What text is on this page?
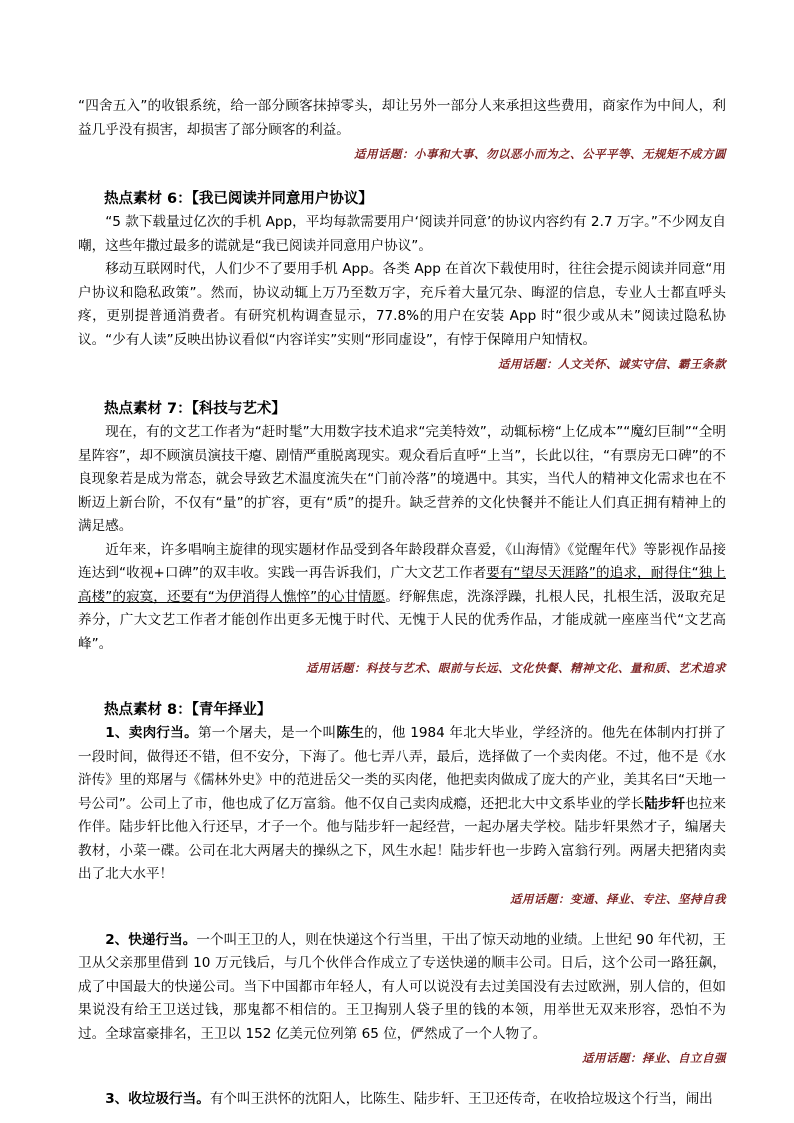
“四舍五入”的收银系统，给一部分顾客抹掉零头，却让另外一部分人来承担这些费用，商家作为中间人，利益几乎没有损害，却损害了部分顾客的利益。

适用话题：小事和大事、勿以恶小而为之、公平平等、无规矩不成方圆

热点素材 6：【我已阅读并同意用户协议】

“5 款下载量过亿次的手机 App，平均每款需要用户‘阅读并同意’的协议内容约有 2.7 万字。”不少网友自嘲，这些年撒过最多的谎就是“我已阅读并同意用户协议”。

移动互联网时代，人们少不了要用手机 App。各类 App 在首次下载使用时，往往会提示阅读并同意“用户协议和隐私政策”。然而，协议动辄上万乃至数万字，充斥着大量冗杂、晦涩的信息，专业人士都直呼头疼，更别提普通消费者。有研究机构调查显示，77.8%的用户在安装 App 时“很少或从未”阅读过隐私协议。“少有人读”反映出协议看似“内容详实”实则“形同虚设”，有悖于保障用户知情权。

适用话题：人文关怀、诚实守信、霸王条款

热点素材 7：【科技与艺术】

现在，有的文艺工作者为“赶时髦”大用数字技术追求“完美特效”，动辄标榜“上亿成本”“魔幻巨制”“全明星阵容”，却不顾演员演技干瘪、剧情严重脱离现实。观众看后直呼“上当”，长此以往，“有票房无口碑”的不良现象若是成为常态，就会导致艺术温度流失在“门前冷落”的境遇中。其实，当代人的精神文化需求也在不断迈上新台阶，不仅有“量”的扩容，更有“质”的提升。缺乏营养的文化快餐并不能让人们真正拥有精神上的满足感。

近年来，许多唱响主旋律的现实题材作品受到各年龄段群众喜爱，《山海情》《觉醒年代》等影视作品接连达到“收视+口碑”的双丰收。实践一再告诉我们，广大文艺工作者要有“望尽天涯路”的追求，耐得住“独上高楼”的寂寞，还要有“为伊消得人憔悴”的心甘情愿。纾解焦虑，洗涤浮躁，扎根人民，扎根生活，汲取充足养分，广大文艺工作者才能创作出更多无愧于时代、无愧于人民的优秀作品，才能成就一座座当代“文艺高峰”。

适用话题：科技与艺术、眼前与长远、文化快餐、精神文化、量和质、艺术追求

热点素材 8：【青年择业】

1、卖肉行当。第一个屠夫，是一个叫陈生的，他 1984 年北大毕业，学经济的。他先在体制内打拼了一段时间，做得还不错，但不安分，下海了。他七弄八弄，最后，选择做了一个卖肉佬。不过，他不是《水浒传》里的郑屠与《儒林外史》中的范进岳父一类的买肉佬，他把卖肉做成了庞大的产业，美其名曰“天地一号公司”。公司上了市，他也成了亿万富翁。他不仅自己卖肉成瘾，还把北大中文系毕业的学长陆步轩也拉来作伴。陆步轩比他入行还早，才子一个。他与陆步轩一起经营，一起办屠夫学校。陆步轩果然才子，编屠夫教材，小菜一碟。公司在北大两屠夫的操纵之下，风生水起！陆步轩也一步跨入富翁行列。两屠夫把猪肉卖出了北大水平！

适用话题：变通、择业、专注、坚持自我

2、快递行当。一个叫王卫的人，则在快递这个行当里，干出了惊天动地的业绩。上世纪 90 年代初，王卫从父亲那里借到 10 万元钱后，与几个伙伴合作成立了专送快递的顺丰公司。日后，这个公司一路狂飙，成了中国最大的快递公司。当下中国都市年轻人，有人可以说没有去过美国没有去过欧洲，别人信的，但如果说没有给王卫送过钱，那鬼都不相信的。王卫掏别人袋子里的钱的本领，用举世无双来形容，恐怕不为过。全球富豪排名，王卫以 152 亿美元位列第 65 位，俨然成了一个人物了。

适用话题：择业、自立自强

3、收垃圾行当。有个叫王洪怀的沈阳人，比陈生、陆步轩、王卫还传奇，在收拾垃圾这个行当，闹出
